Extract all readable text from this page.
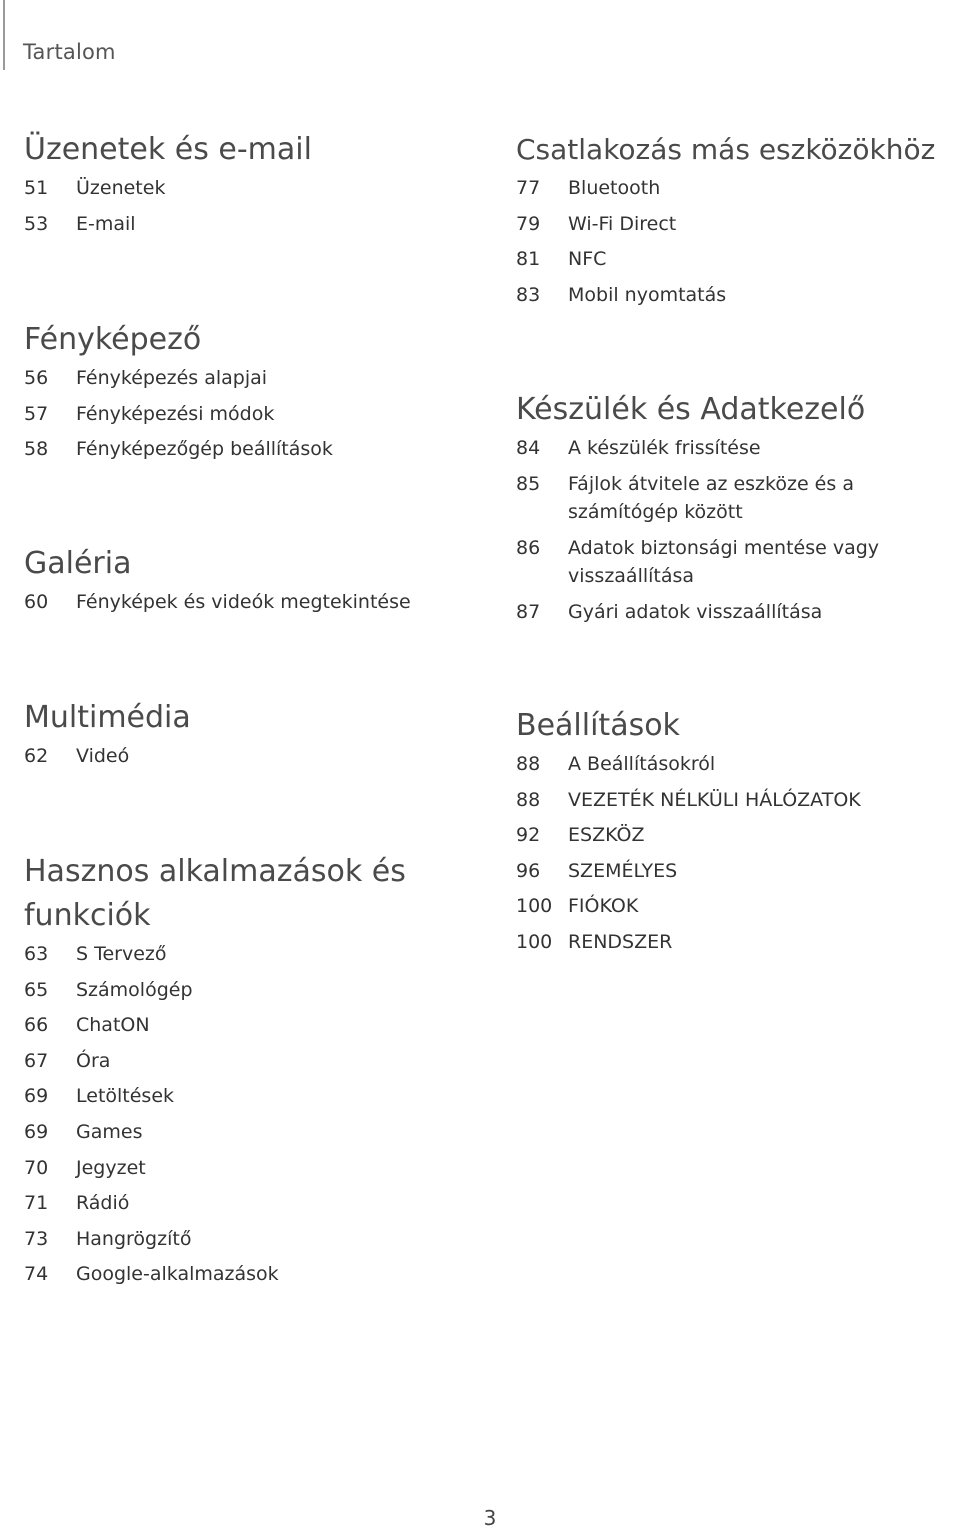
Tartalom
Üzenetek és e-mail
51	Üzenetek
53	E-mail
Fényképező
56	Fényképezés alapjai
57	Fényképezési módok
58	Fényképezőgép beállítások
Galéria
60	Fényképek és videók megtekintése
Multimédia
62	Videó
Hasznos alkalmazások és funkciók
63	S Tervező
65	Számológép
66	ChatON
67	Óra
69	Letöltések
69	Games
70	Jegyzet
71	Rádió
73	Hangrögzítő
74	Google-alkalmazások
Csatlakozás más eszközökhöz
77	Bluetooth
79	Wi-Fi Direct
81	NFC
83	Mobil nyomtatás
Készülék és Adatkezelő
84	A készülék frissítése
85	Fájlok átvitele az eszköze és a számítógép között
86	Adatok biztonsági mentése vagy visszaállítása
87	Gyári adatok visszaállítása
Beállítások
88	A Beállításokról
88	VEZETÉK NÉLKÜLI HÁLÓZATOK
92	ESZKÖZ
96	SZEMÉLYES
100 FIÓKOK
100 RENDSZER
3
